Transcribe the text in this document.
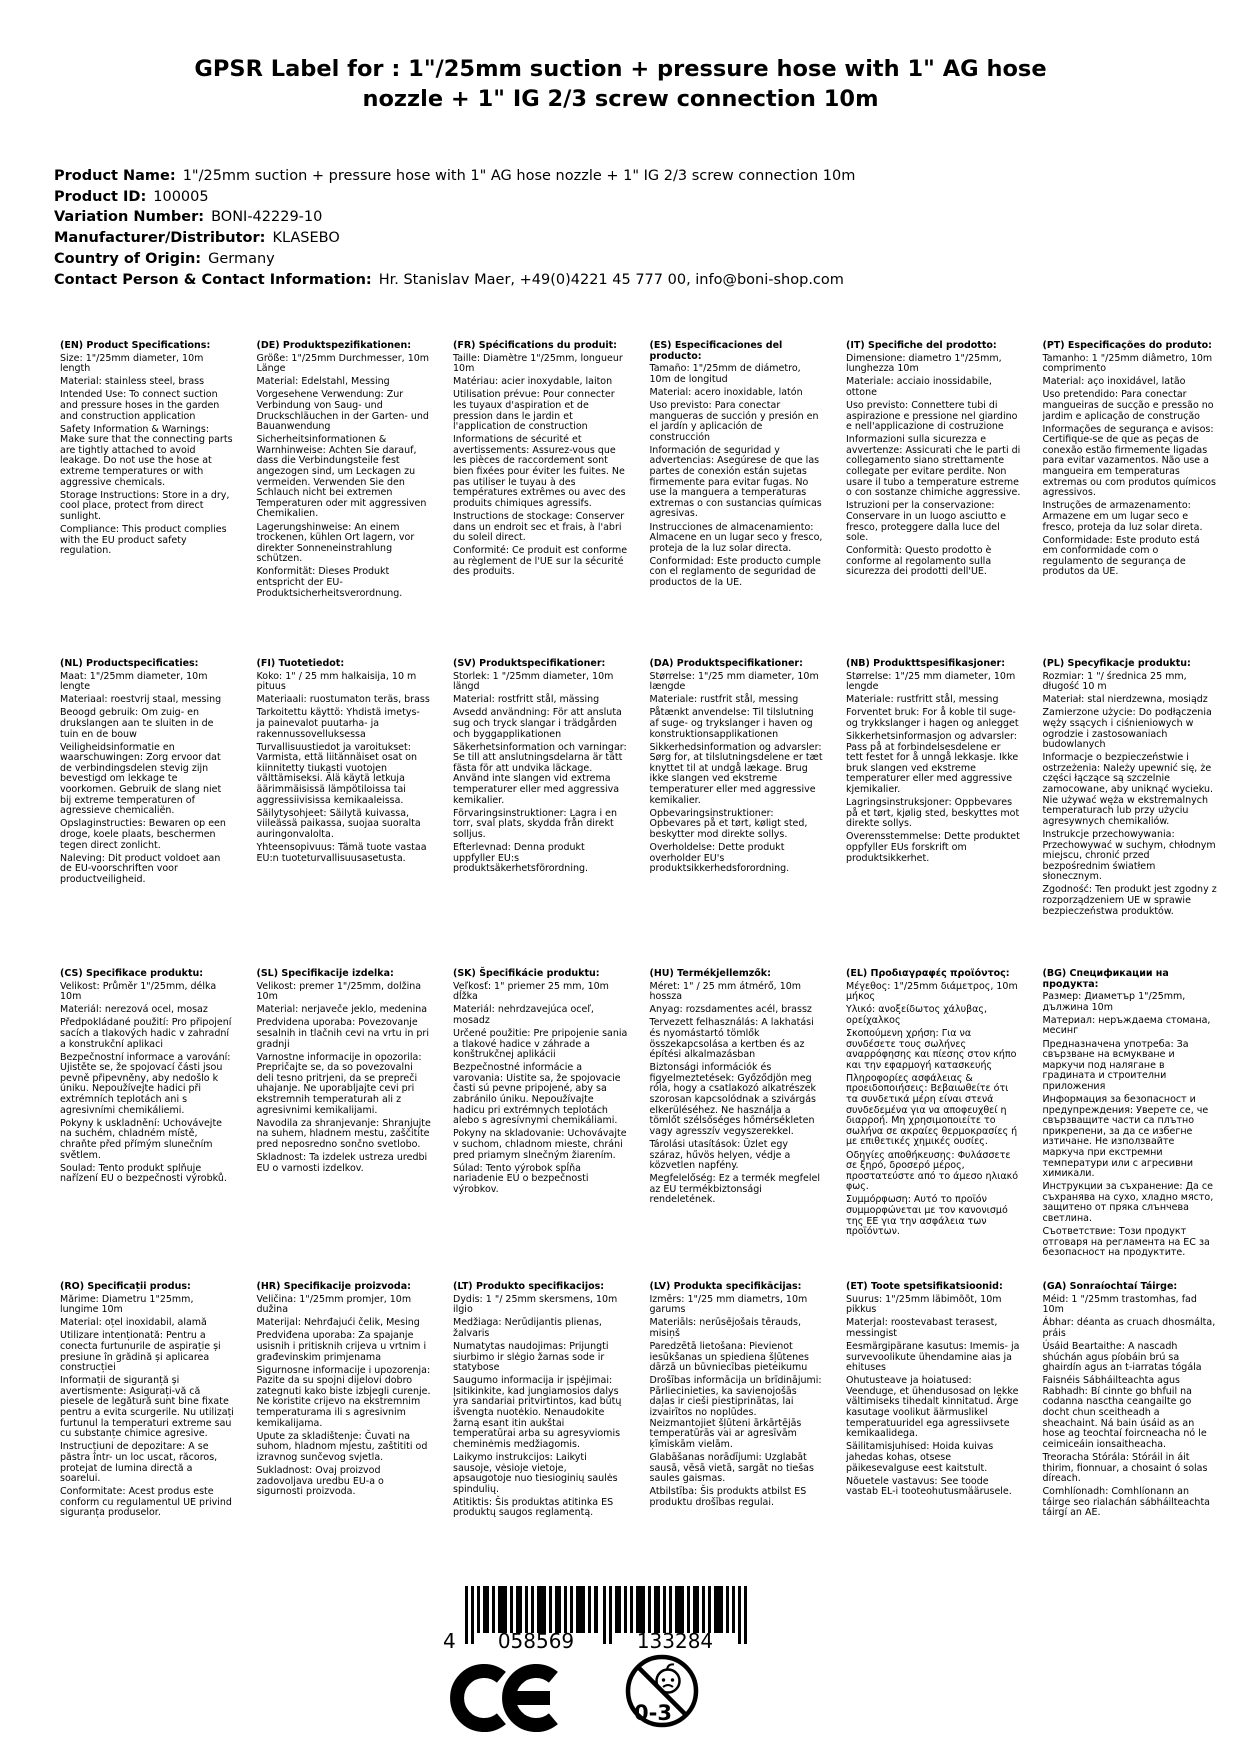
GPSR Label for : 1"/25mm suction + pressure hose with 1" AG hose nozzle + 1" IG 2/3 screw connection 10m
Product Name: 1"/25mm suction + pressure hose with 1" AG hose nozzle + 1" IG 2/3 screw connection 10m
Product ID: 100005
Variation Number: BONI-42229-10
Manufacturer/Distributor: KLASEBO
Country of Origin: Germany
Contact Person & Contact Information: Hr. Stanislav Maer, +49(0)4221 45 777 00, info@boni-shop.com
(EN) Product Specifications:

Size: 1"/25mm diameter, 10m length

Material: stainless steel, brass

Intended Use: To connect suction and pressure hoses in the garden and construction application

Safety Information & Warnings: Make sure that the connecting parts are tightly attached to avoid leakage. Do not use the hose at extreme temperatures or with aggressive chemicals.

Storage Instructions: Store in a dry, cool place, protect from direct sunlight.

Compliance: This product complies with the EU product safety regulation.

(DE) Produktspezifikationen:

Größe: 1"/25mm Durchmesser, 10m Länge

Material: Edelstahl, Messing

Vorgesehene Verwendung: Zur Verbindung von Saug- und Druckschläuchen in der Garten- und Bauanwendung

Sicherheitsinformationen & Warnhinweise: Achten Sie darauf, dass die Verbindungsteile fest angezogen sind, um Leckagen zu vermeiden. Verwenden Sie den Schlauch nicht bei extremen Temperaturen oder mit aggressiven Chemikalien.

Lagerungshinweise: An einem trockenen, kühlen Ort lagern, vor direkter Sonneneinstrahlung schützen.

Konformität: Dieses Produkt entspricht der EU-Produktsicherheitsverordnung.

(FR) Spécifications du produit:

Taille: Diamètre 1"/25mm, longueur 10m

Matériau: acier inoxydable, laiton

Utilisation prévue: Pour connecter les tuyaux d'aspiration et de pression dans le jardin et l'application de construction

Informations de sécurité et avertissements: Assurez-vous que les pièces de raccordement sont bien fixées pour éviter les fuites. Ne pas utiliser le tuyau à des températures extrêmes ou avec des produits chimiques agressifs.

Instructions de stockage: Conserver dans un endroit sec et frais, à l'abri du soleil direct.

Conformité: Ce produit est conforme au règlement de l'UE sur la sécurité des produits.

(ES) Especificaciones del producto:

Tamaño: 1"/25mm de diámetro, 10m de longitud

Material: acero inoxidable, latón

Uso previsto: Para conectar mangueras de succión y presión en el jardín y aplicación de construcción

Información de seguridad y advertencias: Asegúrese de que las partes de conexión están sujetas firmemente para evitar fugas. No use la manguera a temperaturas extremas o con sustancias químicas agresivas.

Instrucciones de almacenamiento: Almacene en un lugar seco y fresco, proteja de la luz solar directa.

Conformidad: Este producto cumple con el reglamento de seguridad de productos de la UE.

(IT) Specifiche del prodotto:

Dimensione: diametro 1"/25mm, lunghezza 10m

Materiale: acciaio inossidabile, ottone

Uso previsto: Connettere tubi di aspirazione e pressione nel giardino e nell'applicazione di costruzione

Informazioni sulla sicurezza e avvertenze: Assicurati che le parti di collegamento siano strettamente collegate per evitare perdite. Non usare il tubo a temperature estreme o con sostanze chimiche aggressive.

Istruzioni per la conservazione: Conservare in un luogo asciutto e fresco, proteggere dalla luce del sole.

Conformità: Questo prodotto è conforme al regolamento sulla sicurezza dei prodotti dell'UE.

(PT) Especificações do produto:

Tamanho: 1 "/25mm diâmetro, 10m comprimento

Material: aço inoxidável, latão

Uso pretendido: Para conectar mangueiras de sucção e pressão no jardim e aplicação de construção

Informações de segurança e avisos: Certifique-se de que as peças de conexão estão firmemente ligadas para evitar vazamentos. Não use a mangueira em temperaturas extremas ou com produtos químicos agressivos.

Instruções de armazenamento: Armazene em um lugar seco e fresco, proteja da luz solar direta.

Conformidade: Este produto está em conformidade com o regulamento de segurança de produtos da UE.

(NL) Productspecificaties:

Maat: 1"/25mm diameter, 10m lengte

Materiaal: roestvrij staal, messing

Beoogd gebruik: Om zuig- en drukslangen aan te sluiten in de tuin en de bouw

Veiligheidsinformatie en waarschuwingen: Zorg ervoor dat de verbindingsdelen stevig zijn bevestigd om lekkage te voorkomen. Gebruik de slang niet bij extreme temperaturen of agressieve chemicaliën.

Opslaginstructies: Bewaren op een droge, koele plaats, beschermen tegen direct zonlicht.

Naleving: Dit product voldoet aan de EU-voorschriften voor productveiligheid.

(FI) Tuotetiedot:

Koko: 1" / 25 mm halkaisija, 10 m pituus

Materiaali: ruostumaton teräs, brass

Tarkoitettu käyttö: Yhdistä imetys- ja painevalot puutarha- ja rakennussovelluksessa

Turvallisuustiedot ja varoitukset: Varmista, että liitännäiset osat on kiinnitetty tiukasti vuotojen välttämiseksi. Älä käytä letkuja äärimmäisissä lämpötiloissa tai aggressiivisissa kemikaaleissa.

Säilytysohjeet: Säilytä kuivassa, viileässä paikassa, suojaa suoralta auringonvalolta.

Yhteensopivuus: Tämä tuote vastaa EU:n tuoteturvallisuusasetusta.

(SV) Produktspecifikationer:

Storlek: 1 "/25mm diameter, 10m längd

Material: rostfritt stål, mässing

Avsedd användning: För att ansluta sug och tryck slangar i trädgården och byggapplikationen

Säkerhetsinformation och varningar: Se till att anslutningsdelarna är tätt fästa för att undvika läckage. Använd inte slangen vid extrema temperaturer eller med aggressiva kemikalier.

Förvaringsinstruktioner: Lagra i en torr, sval plats, skydda från direkt solljus.

Efterlevnad: Denna produkt uppfyller EU:s produktsäkerhetsförordning.

(DA) Produktspecifikationer:

Størrelse: 1"/25 mm diameter, 10m længde

Materiale: rustfrit stål, messing

Påtænkt anvendelse: Til tilslutning af suge- og trykslanger i haven og konstruktionsapplikationen

Sikkerhedsinformation og advarsler: Sørg for, at tilslutningsdelene er tæt knyttet til at undgå lækage. Brug ikke slangen ved ekstreme temperaturer eller med aggressive kemikalier.

Opbevaringsinstruktioner: Opbevares på et tørt, køligt sted, beskytter mod direkte sollys.

Overholdelse: Dette produkt overholder EU's produktsikkerhedsforordning.

(NB) Produkttspesifikasjoner:

Størrelse: 1"/25 mm diameter, 10m lengde

Materiale: rustfritt stål, messing

Forventet bruk: For å koble til suge- og trykkslanger i hagen og anlegget

Sikkerhetsinformasjon og advarsler: Pass på at forbindelsesdelene er tett festet for å unngå lekkasje. Ikke bruk slangen ved ekstreme temperaturer eller med aggressive kjemikalier.

Lagringsinstruksjoner: Oppbevares på et tørt, kjølig sted, beskyttes mot direkte sollys.

Overensstemmelse: Dette produktet oppfyller EUs forskrift om produktsikkerhet.

(PL) Specyfikacje produktu:

Rozmiar: 1 "/ średnica 25 mm, długość 10 m

Materiał: stal nierdzewna, mosiądz

Zamierzone użycie: Do podłączenia węży ssących i ciśnieniowych w ogrodzie i zastosowaniach budowlanych

Informacje o bezpieczeństwie i ostrzeżenia: Należy upewnić się, że części łączące są szczelnie zamocowane, aby uniknąć wycieku. Nie używać węża w ekstremalnych temperaturach lub przy użyciu agresywnych chemikaliów.

Instrukcje przechowywania: Przechowywać w suchym, chłodnym miejscu, chronić przed bezpośrednim światłem słonecznym.

Zgodność: Ten produkt jest zgodny z rozporządzeniem UE w sprawie bezpieczeństwa produktów.

(CS) Specifikace produktu:

Velikost: Průměr 1"/25mm, délka 10m

Materiál: nerezová ocel, mosaz

Předpokládané použití: Pro připojení sacích a tlakových hadic v zahradní a konstrukční aplikaci

Bezpečnostní informace a varování: Ujistěte se, že spojovací části jsou pevně připevněny, aby nedošlo k úniku. Nepoužívejte hadici při extrémních teplotách ani s agresivními chemikáliemi.

Pokyny k uskladnění: Uchovávejte na suchém, chladném místě, chraňte před přímým slunečním světlem.

Soulad: Tento produkt splňuje nařízení EU o bezpečnosti výrobků.

(SL) Specifikacije izdelka:

Velikost: premer 1"/25mm, dolžina 10m

Material: nerjaveče jeklo, medenina

Predvidena uporaba: Povezovanje sesalnih in tlačnih cevi na vrtu in pri gradnji

Varnostne informacije in opozorila: Prepričajte se, da so povezovalni deli tesno pritrjeni, da se prepreči uhajanje. Ne uporabljajte cevi pri ekstremnih temperaturah ali z agresivnimi kemikalijami.

Navodila za shranjevanje: Shranjujte na suhem, hladnem mestu, zaščitite pred neposredno sončno svetlobo.

Skladnost: Ta izdelek ustreza uredbi EU o varnosti izdelkov.

(SK) Špecifikácie produktu:

Veľkosť: 1" priemer 25 mm, 10m dĺžka

Materiál: nehrdzavejúca oceľ, mosadz

Určené použitie: Pre pripojenie sania a tlakové hadice v záhrade a konštrukčnej aplikácii

Bezpečnostné informácie a varovania: Uistite sa, že spojovacie časti sú pevne pripojené, aby sa zabránilo úniku. Nepoužívajte hadicu pri extrémnych teplotách alebo s agresívnymi chemikáliami.

Pokyny na skladovanie: Uchovávajte v suchom, chladnom mieste, chráni pred priamym slnečným žiarením.

Súlad: Tento výrobok spĺňa nariadenie EÚ o bezpečnosti výrobkov.

(HU) Termékjellemzők:

Méret: 1" / 25 mm átmérő, 10m hossza

Anyag: rozsdamentes acél, brassz

Tervezett felhasználás: A lakhatási és nyomástartó tömlők összekapcsolása a kertben és az építési alkalmazásban

Biztonsági információk és figyelmeztetések: Győződjön meg róla, hogy a csatlakozó alkatrészek szorosan kapcsolódnak a szivárgás elkerüléséhez. Ne használja a tömlőt szélsőséges hőmérsékleten vagy agresszív vegyszerekkel.

Tárolási utasítások: Üzlet egy száraz, hűvös helyen, védje a közvetlen napfény.

Megfelelőség: Ez a termék megfelel az EU termékbiztonsági rendeletének.

(EL) Προδιαγραφές προϊόντος:

Μέγεθος: 1"/25mm διάμετρος, 10m μήκος

Υλικό: ανοξείδωτος χάλυβας, ορείχαλκος

Σκοπούμενη χρήση: Για να συνδέσετε τους σωλήνες αναρρόφησης και πίεσης στον κήπο και την εφαρμογή κατασκευής

Πληροφορίες ασφάλειας & προειδοποιήσεις: Βεβαιωθείτε ότι τα συνδετικά μέρη είναι στενά συνδεδεμένα για να αποφευχθεί η διαρροή. Μη χρησιμοποιείτε το σωλήνα σε ακραίες θερμοκρασίες ή με επιθετικές χημικές ουσίες.

Οδηγίες αποθήκευσης: Φυλάσσετε σε ξηρό, δροσερό μέρος, προστατεύστε από το άμεσο ηλιακό φως.

Συμμόρφωση: Αυτό το προϊόν συμμορφώνεται με τον κανονισμό της ΕΕ για την ασφάλεια των προϊόντων.

(BG) Спецификации на продукта:

Размер: Диаметър 1"/25mm, дължина 10m

Материал: неръждаема стомана, месинг

Предназначена употреба: За свързване на всмукване и маркучи под налягане в градината и строителни приложения

Информация за безопасност и предупреждения: Уверете се, че свързващите части са плътно прикрепени, за да се избегне изтичане. Не използвайте маркуча при екстремни температури или с агресивни химикали.

Инструкции за съхранение: Да се съхранява на сухо, хладно място, защитено от пряка слънчева светлина.

Съответствие: Този продукт отговаря на регламента на ЕС за безопасност на продуктите.

(RO) Specificații produs:

Mărime: Diametru 1"25mm, lungime 10m

Material: oțel inoxidabil, alamă

Utilizare intenționată: Pentru a conecta furtunurile de aspirație și presiune în grădină și aplicarea construcției

Informații de siguranță și avertismente: Asigurați-vă că piesele de legătură sunt bine fixate pentru a evita scurgerile. Nu utilizați furtunul la temperaturi extreme sau cu substanțe chimice agresive.

Instrucțiuni de depozitare: A se păstra într- un loc uscat, răcoros, protejat de lumina directă a soarelui.

Conformitate: Acest produs este conform cu regulamentul UE privind siguranța produselor.

(HR) Specifikacije proizvoda:

Veličina: 1"/25mm promjer, 10m dužina

Materijal: Nehrđajući čelik, Mesing

Predviđena uporaba: Za spajanje usisnih i pritisknih crijeva u vrtnim i građevinskim primjenama

Sigurnosne informacije i upozorenja: Pazite da su spojni dijelovi dobro zategnuti kako biste izbjegli curenje. Ne koristite crijevo na ekstremnim temperaturama ili s agresivnim kemikalijama.

Upute za skladištenje: Čuvati na suhom, hladnom mjestu, zaštititi od izravnog sunčevog svjetla.

Sukladnost: Ovaj proizvod zadovoljava uredbu EU-a o sigurnosti proizvoda.

(LT) Produkto specifikacijos:

Dydis: 1 "/ 25mm skersmens, 10m ilgio

Medžiaga: Nerūdijantis plienas, žalvaris

Numatytas naudojimas: Prijungti siurbimo ir slėgio žarnas sode ir statybose

Saugumo informacija ir įspėjimai: Įsitikinkite, kad jungiamosios dalys yra sandariai pritvirtintos, kad būtų išvengta nuotėkio. Nenaudokite žarną esant itin aukštai temperatūrai arba su agresyviomis cheminėmis medžiagomis.

Laikymo instrukcijos: Laikyti sausoje, vėsioje vietoje, apsaugotoje nuo tiesioginių saulės spindulių.

Atitiktis: Šis produktas atitinka ES produktų saugos reglamentą.

(LV) Produkta specifikācijas:

Izmērs: 1"/25 mm diametrs, 10m garums

Materiāls: nerūsējošais tērauds, misiņš

Paredzētā lietošana: Pievienot iesūkšanas un spiediena šļūtenes dārzā un būvniecības pieteikumu

Drošības informācija un brīdinājumi: Pārliecinieties, ka savienojošās daļas ir cieši piestiprinātas, lai izvairītos no noplūdes. Neizmantojiet šļūteni ārkārtējās temperatūrās vai ar agresīvām ķīmiskām vielām.

Glabāšanas norādījumi: Uzglabāt sausā, vēsā vietā, sargāt no tiešas saules gaismas.

Atbilstība: Šis produkts atbilst ES produktu drošības regulai.

(ET) Toote spetsifikatsioonid:

Suurus: 1"/25mm läbimõõt, 10m pikkus

Materjal: roostevabast terasest, messingist

Eesmärgipärane kasutus: Imemis- ja survevoolikute ühendamine aias ja ehituses

Ohutusteave ja hoiatused: Veenduge, et ühendusosad on lekke vältimiseks tihedalt kinnitatud. Ärge kasutage voolikut äärmuslikel temperatuuridel ega agressiivsete kemikaalidega.

Säilitamisjuhised: Hoida kuivas jahedas kohas, otsese päikesevalguse eest kaitstult.

Nõuetele vastavus: See toode vastab EL-i tooteohutusmäärusele.

(GA) Sonraíochtaí Táirge:

Méid: 1 "/25mm trastomhas, fad 10m

Ábhar: déanta as cruach dhosmálta, práis

Úsáid Beartaithe: A nascadh shúchán agus píobáin brú sa ghairdín agus an t-iarratas tógála

Faisnéis Sábháilteachta agus Rabhadh: Bí cinnte go bhfuil na codanna nasctha ceangailte go docht chun sceitheadh a sheachaint. Ná bain úsáid as an hose ag teochtaí foircneacha nó le ceimiceáin ionsaitheacha.

Treoracha Stórála: Stóráil in áit thirim, fionnuar, a chosaint ó solas díreach.

Comhlíonadh: Comhlíonann an táirge seo rialachán sábháilteachta táirgí an AE.

4 058569	133284
0-3
